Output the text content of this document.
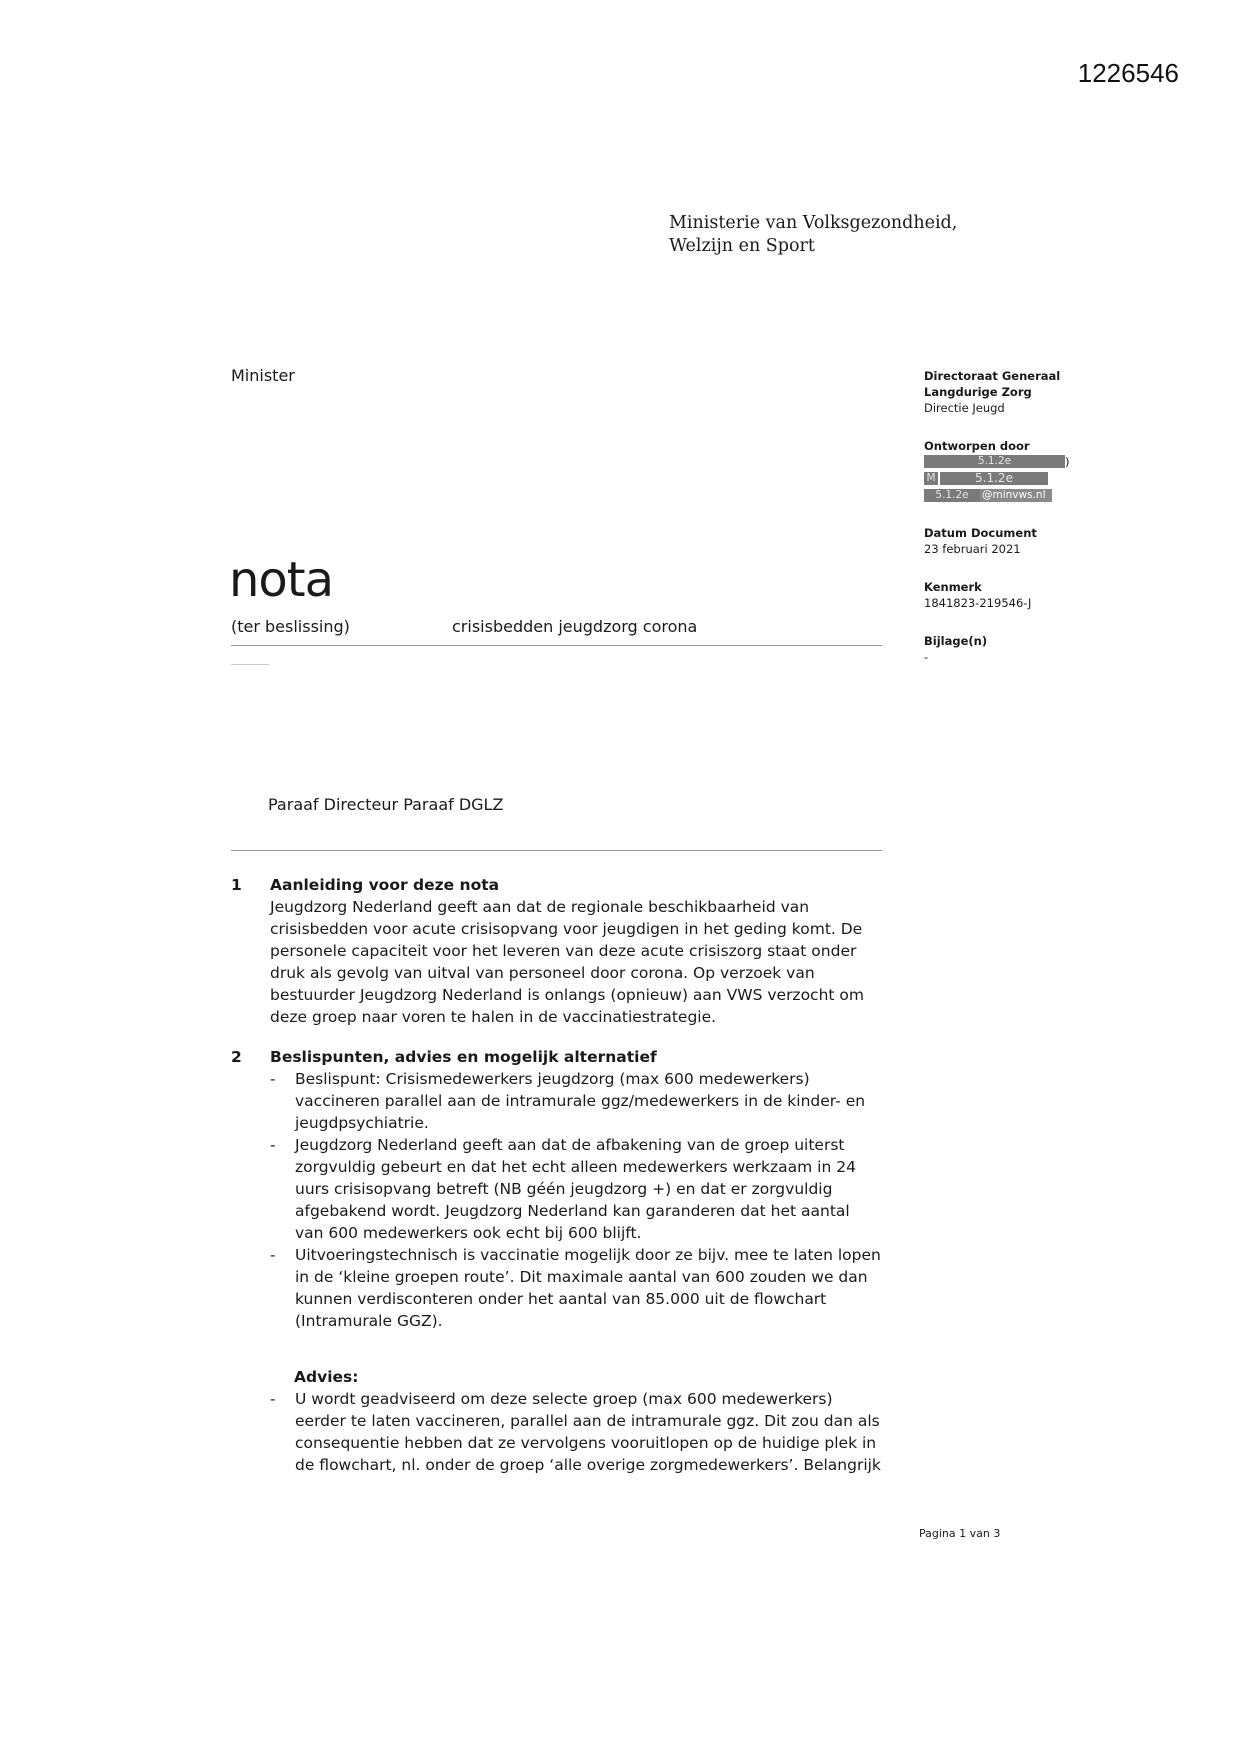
1226546
Ministerie van Volksgezondheid,
Welzijn en Sport
Minister	Directoraat Generaal
Langdurige Zorg
Directie Jeugd
Ontworpen door
5.1.2e	)
M	5.1.2e
5.1.2e	@minvws.nl
Datum Document
23 februari 2021
Kenmerk
1841823-219546-J
Bijlage(n)
-
nota
(ter beslissing)	crisisbedden jeugdzorg corona
Paraaf Directeur Paraaf DGLZ
1 Aanleiding voor deze nota
Jeugdzorg Nederland geeft aan dat de regionale beschikbaarheid van
crisisbedden voor acute crisisopvang voor jeugdigen in het geding komt. De
personele capaciteit voor het leveren van deze acute crisiszorg staat onder
druk als gevolg van uitval van personeel door corona. Op verzoek van
bestuurder Jeugdzorg Nederland is onlangs (opnieuw) aan VWS verzocht om
deze groep naar voren te halen in de vaccinatiestrategie.
2 Beslispunten, advies en mogelijk alternatief
- Beslispunt: Crisismedewerkers jeugdzorg (max 600 medewerkers)
vaccineren parallel aan de intramurale ggz/medewerkers in de kinder- en
jeugdpsychiatrie.
- Jeugdzorg Nederland geeft aan dat de afbakening van de groep uiterst
zorgvuldig gebeurt en dat het echt alleen medewerkers werkzaam in 24
uurs crisisopvang betreft (NB géén jeugdzorg +) en dat er zorgvuldig
afgebakend wordt. Jeugdzorg Nederland kan garanderen dat het aantal
van 600 medewerkers ook echt bij 600 blijft.
- Uitvoeringstechnisch is vaccinatie mogelijk door ze bijv. mee te laten lopen
in de ‘kleine groepen route’. Dit maximale aantal van 600 zouden we dan
kunnen verdisconteren onder het aantal van 85.000 uit de flowchart
(Intramurale GGZ).
Advies:
- U wordt geadviseerd om deze selecte groep (max 600 medewerkers)
eerder te laten vaccineren, parallel aan de intramurale ggz. Dit zou dan als
consequentie hebben dat ze vervolgens vooruitlopen op de huidige plek in
de flowchart, nl. onder de groep ‘alle overige zorgmedewerkers’. Belangrijk
Pagina 1 van 3
